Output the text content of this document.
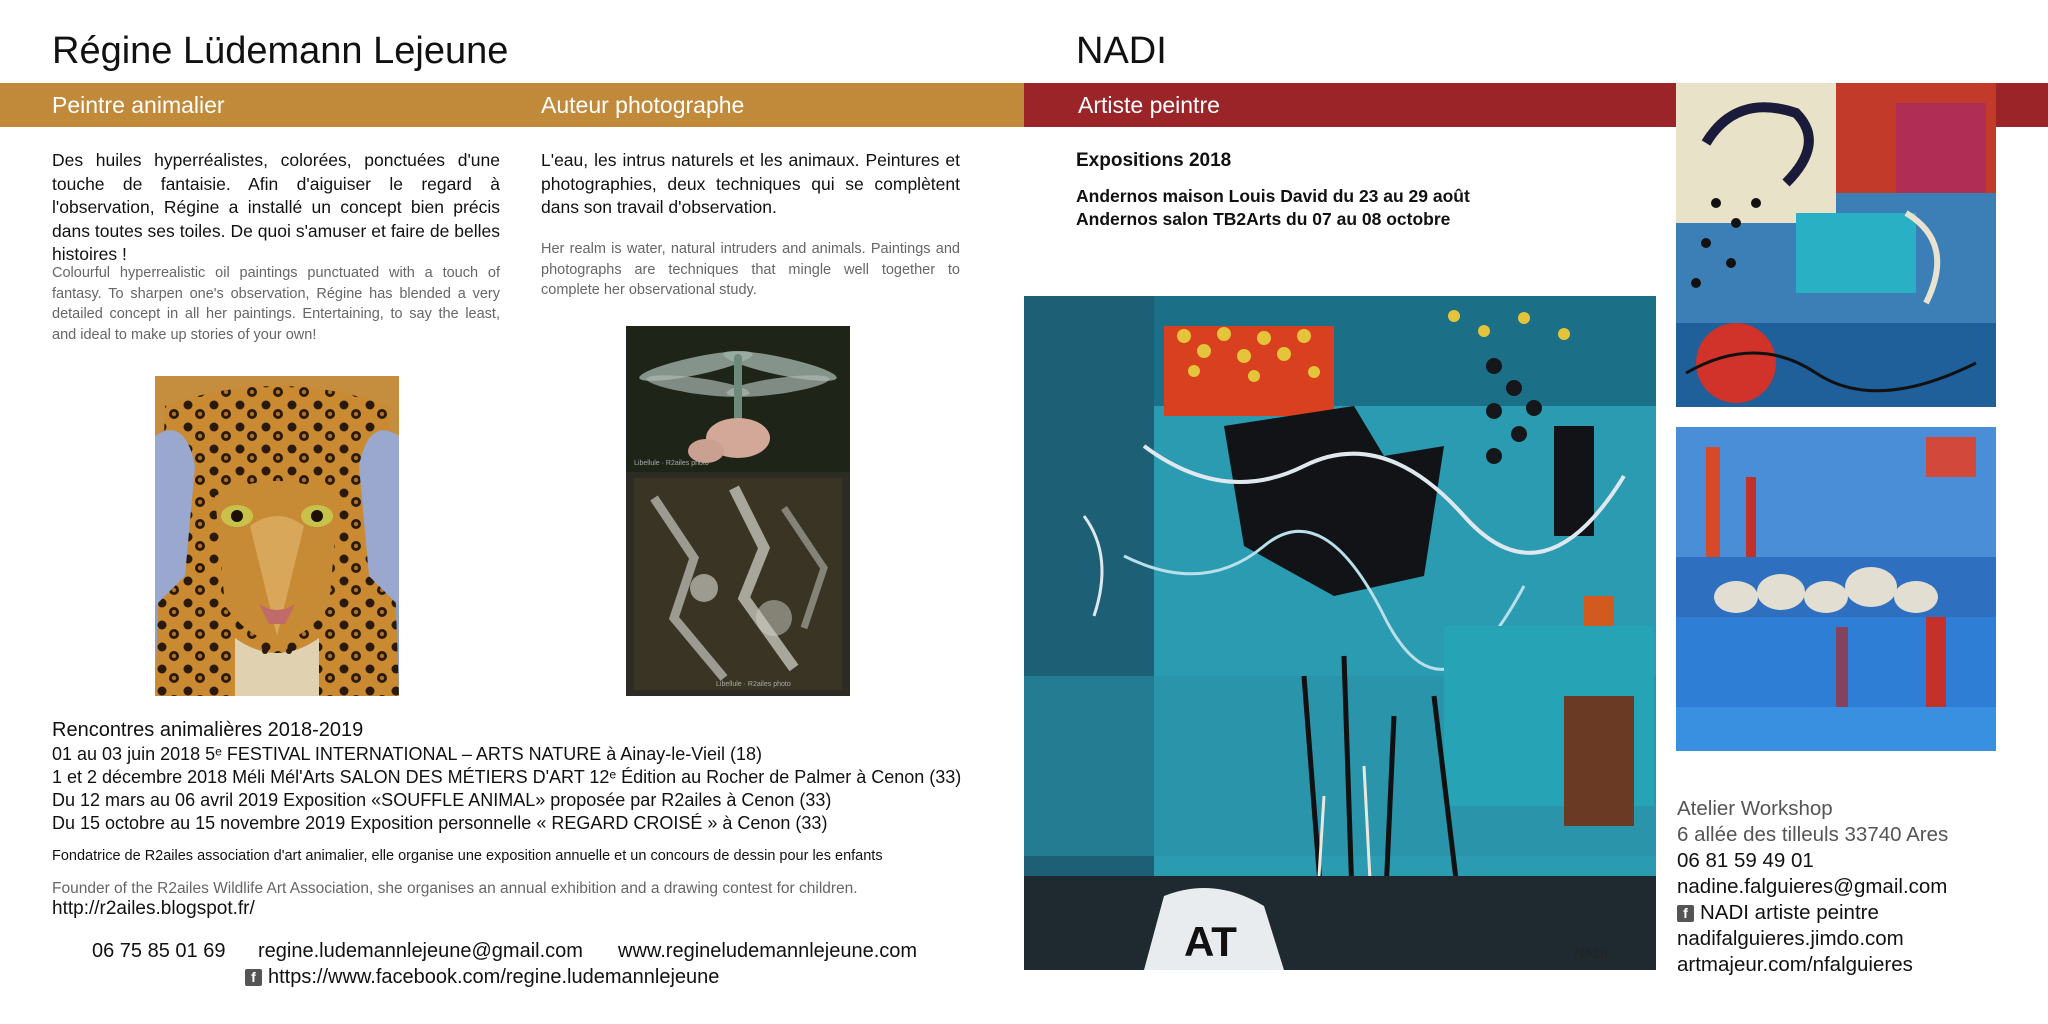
Régine Lüdemann Lejeune
Peintre animalier	Auteur photographe
Des huiles hyperréalistes, colorées, ponctuées d'une touche de fantaisie. Afin d'aiguiser le regard à l'observation, Régine a installé un concept bien précis dans toutes ses toiles. De quoi s'amuser et faire de belles histoires !
Colourful hyperrealistic oil paintings punctuated with a touch of fantasy. To sharpen one's observation, Régine has blended a very detailed concept in all her paintings. Entertaining, to say the least, and ideal to make up stories of your own!
L'eau, les intrus naturels et les animaux. Peintures et photographies, deux techniques qui se complètent dans son travail d'observation.
Her realm is water, natural intruders and animals. Paintings and photographs are techniques that mingle well together to complete her observational study.
Libellule · R2ailes photo
Libellule · R2ailes photo
Rencontres animalières 2018-2019
01 au 03 juin 2018 5ᵉ FESTIVAL INTERNATIONAL – ARTS NATURE à Ainay-le-Vieil (18)
1 et 2 décembre 2018 Méli Mél'Arts SALON DES MÉTIERS D'ART 12ᵉ Édition au Rocher de Palmer à Cenon (33)
Du 12 mars au 06 avril 2019 Exposition «SOUFFLE ANIMAL» proposée par R2ailes à Cenon (33)
Du 15 octobre au 15 novembre 2019 Exposition personnelle « REGARD CROISÉ » à Cenon (33)
Fondatrice de R2ailes association d'art animalier, elle organise une exposition annuelle et un concours de dessin pour les enfants
Founder of the R2ailes Wildlife Art Association, she organises an annual exhibition and a drawing contest for children.
http://r2ailes.blogspot.fr/
06 75 85 01 69 regine.ludemannlejeune@gmail.com www.regineludemannlejeune.com
f https://www.facebook.com/regine.ludemannlejeune
NADI
Artiste peintre
Expositions 2018
Andernos maison Louis David du 23 au 29 août
Andernos salon TB2Arts du 07 au 08 octobre
AT	NADI
Atelier Workshop
6 allée des tilleuls 33740 Ares
06 81 59 49 01
nadine.falguieres@gmail.com
f NADI artiste peintre
nadifalguieres.jimdo.com
artmajeur.com/nfalguieres
